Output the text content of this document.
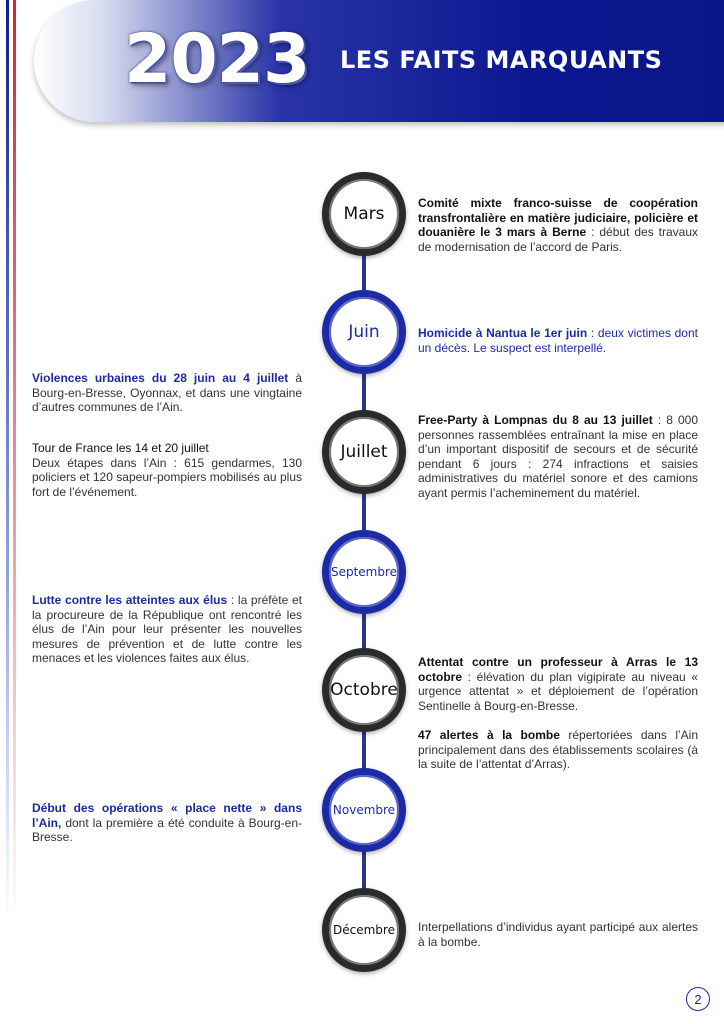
2023 LES FAITS MARQUANTS
Mars
Juin
Juillet
Septembre
Octobre
Novembre
Décembre

Comité mixte franco-suisse de coopération transfrontalière en matière judiciaire, policière et douanière le 3 mars à Berne : début des travaux de modernisation de l’accord de Paris.

Homicide à Nantua le 1er juin : deux victimes dont un décès. Le suspect est interpellé.

Free-Party à Lompnas du 8 au 13 juillet : 8 000 personnes rassemblées entraînant la mise en place d’un important dispositif de secours et de sécurité pendant 6 jours : 274 infractions et saisies administratives du matériel sonore et des camions ayant permis l’acheminement du matériel.

Attentat contre un professeur à Arras le 13 octobre : élévation du plan vigipirate au niveau « urgence attentat » et déploiement de l’opération Sentinelle à Bourg-en-Bresse.

47 alertes à la bombe répertoriées dans l’Ain principalement dans des établissements scolaires (à la suite de l’attentat d’Arras).

Interpellations d’individus ayant participé aux alertes à la bombe.

Violences urbaines du 28 juin au 4 juillet à Bourg-en-Bresse, Oyonnax, et dans une vingtaine d’autres communes de l’Ain.

Tour de France les 14 et 20 juillet
Deux étapes dans l’Ain : 615 gendarmes, 130 policiers et 120 sapeur-pompiers mobilisés au plus fort de l’événement.

Lutte contre les atteintes aux élus : la préfète et la procureure de la République ont rencontré les élus de l’Ain pour leur présenter les nouvelles mesures de prévention et de lutte contre les menaces et les violences faites aux élus.

Début des opérations « place nette » dans l’Ain, dont la première a été conduite à Bourg-en-Bresse.

2
